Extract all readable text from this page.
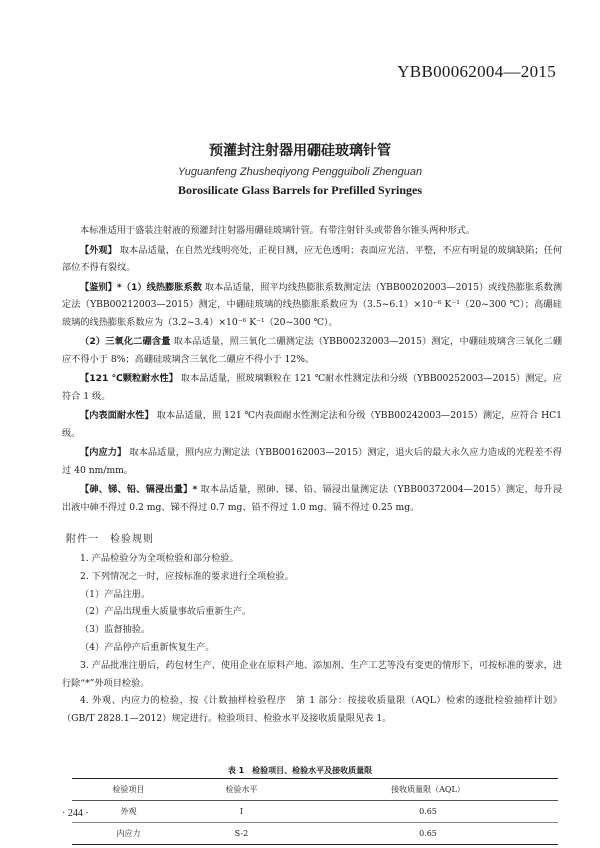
YBB00062004—2015
预灌封注射器用硼硅玻璃针管
Yuguanfeng Zhusheqiyong Pengguiboli Zhenguan
Borosilicate Glass Barrels for Prefilled Syringes

本标准适用于盛装注射液的预灌封注射器用硼硅玻璃针管。有带注射针头或带鲁尔锥头两种形式。

【外观】 取本品适量，在自然光线明亮处，正视目测，应无色透明；表面应光洁、平整，不应有明显的玻璃缺陷；任何部位不得有裂纹。

【鉴别】*（1）线热膨胀系数 取本品适量，照平均线热膨胀系数测定法（YBB00202003—2015）或线热膨胀系数测定法（YBB00212003—2015）测定，中硼硅玻璃的线热膨胀系数应为（3.5~6.1）×10⁻⁶ K⁻¹（20~300 ℃）；高硼硅玻璃的线热膨胀系数应为（3.2~3.4）×10⁻⁶ K⁻¹（20~300 ℃）。

（2）三氧化二硼含量 取本品适量，照三氧化二硼测定法（YBB00232003—2015）测定，中硼硅玻璃含三氧化二硼应不得小于 8%；高硼硅玻璃含三氧化二硼应不得小于 12%。

【121 ℃颗粒耐水性】 取本品适量，照玻璃颗粒在 121 ℃耐水性测定法和分级（YBB00252003—2015）测定，应符合 1 级。

【内表面耐水性】 取本品适量，照 121 ℃内表面耐水性测定法和分级（YBB00242003—2015）测定，应符合 HC1 级。

【内应力】 取本品适量，照内应力测定法（YBB00162003—2015）测定，退火后的最大永久应力造成的光程差不得过 40 nm/mm。

【砷、锑、铅、镉浸出量】* 取本品适量，照砷、锑、铅、镉浸出量测定法（YBB00372004—2015）测定，每升浸出液中砷不得过 0.2 mg、锑不得过 0.7 mg、铅不得过 1.0 mg、镉不得过 0.25 mg。

附件一　检验规则

1. 产品检验分为全项检验和部分检验。

2. 下列情况之一时，应按标准的要求进行全项检验。

（1）产品注册。

（2）产品出现重大质量事故后重新生产。

（3）监督抽验。

（4）产品停产后重新恢复生产。

3. 产品批准注册后，药包材生产、使用企业在原料产地、添加剂、生产工艺等没有变更的情形下，可按标准的要求，进行除“*”外项目检验。

4. 外观、内应力的检验，按《计数抽样检验程序　第 1 部分：按接收质量限（AQL）检索的逐批检验抽样计划》（GB/T 2828.1—2012）规定进行。检验项目、检验水平及接收质量限见表 1。

表 1　检验项目、检验水平及接收质量限
检验项目	检验水平	接收质量限（AQL）
外观	I	0.65
内应力	S-2	0.65
· 244 ·
